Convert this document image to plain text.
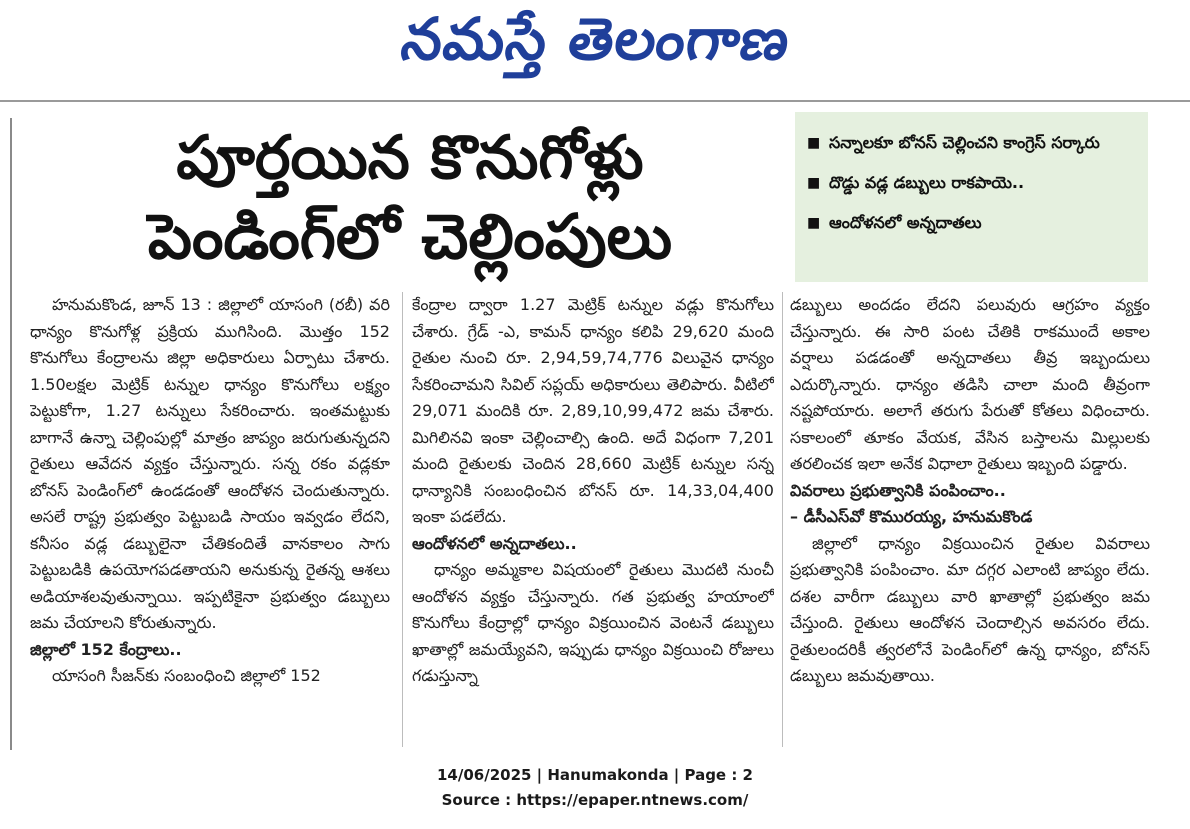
నమస్తే తెలంగాణ
పూర్తయిన కొనుగోళ్లు
పెండింగ్‌లో చెల్లింపులు
■ సన్నాలకూ బోనస్ చెల్లించని కాంగ్రెస్ సర్కారు
■ దొడ్డు వడ్ల డబ్బులు రాకపాయె..
■ ఆందోళనలో అన్నదాతలు

హనుమకొండ, జూన్ 13 : జిల్లాలో యాసంగి (రబీ) వరి ధాన్యం కొనుగోళ్ల ప్రక్రియ ముగిసింది. మొత్తం 152 కొనుగోలు కేంద్రాలను జిల్లా అధికారులు ఏర్పాటు చేశారు. 1.50లక్షల మెట్రిక్ టన్నుల ధాన్యం కొనుగోలు లక్ష్యం పెట్టుకోగా, 1.27 టన్నులు సేకరించారు. ఇంతమట్టుకు బాగానే ఉన్నా చెల్లింపుల్లో మాత్రం జాప్యం జరుగుతున్నదని రైతులు ఆవేదన వ్యక్తం చేస్తున్నారు. సన్న రకం వడ్లకూ బోనస్ పెండింగ్‌లో ఉండడంతో ఆందోళన చెందుతున్నారు. అసలే రాష్ట్ర ప్రభుత్వం పెట్టుబడి సాయం ఇవ్వడం లేదని, కనీసం వడ్ల డబ్బులైనా చేతికందితే వానకాలం సాగు పెట్టుబడికి ఉపయోగపడతాయని అనుకున్న రైతన్న ఆశలు అడియాశలవుతున్నాయి. ఇప్పటికైనా ప్రభుత్వం డబ్బులు జమ చేయాలని కోరుతున్నారు.

జిల్లాలో 152 కేంద్రాలు..

యాసంగి సీజన్‌కు సంబంధించి జిల్లాలో 152

కేంద్రాల ద్వారా 1.27 మెట్రిక్ టన్నుల వడ్లు కొనుగోలు చేశారు. గ్రేడ్ -ఎ, కామన్ ధాన్యం కలిపి 29,620 మంది రైతుల నుంచి రూ. 2,94,59,74,776 విలువైన ధాన్యం సేకరించామని సివిల్ సప్లయ్ అధికారులు తెలిపారు. వీటిలో 29,071 మందికి రూ. 2,89,10,99,472 జమ చేశారు. మిగిలినవి ఇంకా చెల్లించాల్సి ఉంది. అదే విధంగా 7,201 మంది రైతులకు చెందిన 28,660 మెట్రిక్ టన్నుల సన్న ధాన్యానికి సంబంధించిన బోనస్ రూ. 14,33,04,400 ఇంకా పడలేదు.

ఆందోళనలో అన్నదాతలు..

ధాన్యం అమ్మకాల విషయంలో రైతులు మొదటి నుంచీ ఆందోళన వ్యక్తం చేస్తున్నారు. గత ప్రభుత్వ హయాంలో కొనుగోలు కేంద్రాల్లో ధాన్యం విక్రయించిన వెంటనే డబ్బులు ఖాతాల్లో జమయ్యేవని, ఇప్పుడు ధాన్యం విక్రయించి రోజులు గడుస్తున్నా

డబ్బులు అందడం లేదని పలువురు ఆగ్రహం వ్యక్తం చేస్తున్నారు. ఈ సారి పంట చేతికి రాకముందే అకాల వర్షాలు పడడంతో అన్నదాతలు తీవ్ర ఇబ్బందులు ఎదుర్కొన్నారు. ధాన్యం తడిసి చాలా మంది తీవ్రంగా నష్టపోయారు. అలాగే తరుగు పేరుతో కోతలు విధించారు. సకాలంలో తూకం వేయక, వేసిన బస్తాలను మిల్లులకు తరలించక ఇలా అనేక విధాలా రైతులు ఇబ్బంది పడ్డారు.

వివరాలు ప్రభుత్వానికి పంపించాం..

– డీసీఎస్‌వో కొమురయ్య, హనుమకొండ

జిల్లాలో ధాన్యం విక్రయించిన రైతుల వివరాలు ప్రభుత్వానికి పంపించాం. మా దగ్గర ఎలాంటి జాప్యం లేదు. దశల వారీగా డబ్బులు వారి ఖాతాల్లో ప్రభుత్వం జమ చేస్తుంది. రైతులు ఆందోళన చెందాల్సిన అవసరం లేదు. రైతులందరికీ త్వరలోనే పెండింగ్‌లో ఉన్న ధాన్యం, బోనస్ డబ్బులు జమవుతాయి.

14/06/2025 | Hanumakonda | Page : 2
Source : https://epaper.ntnews.com/
